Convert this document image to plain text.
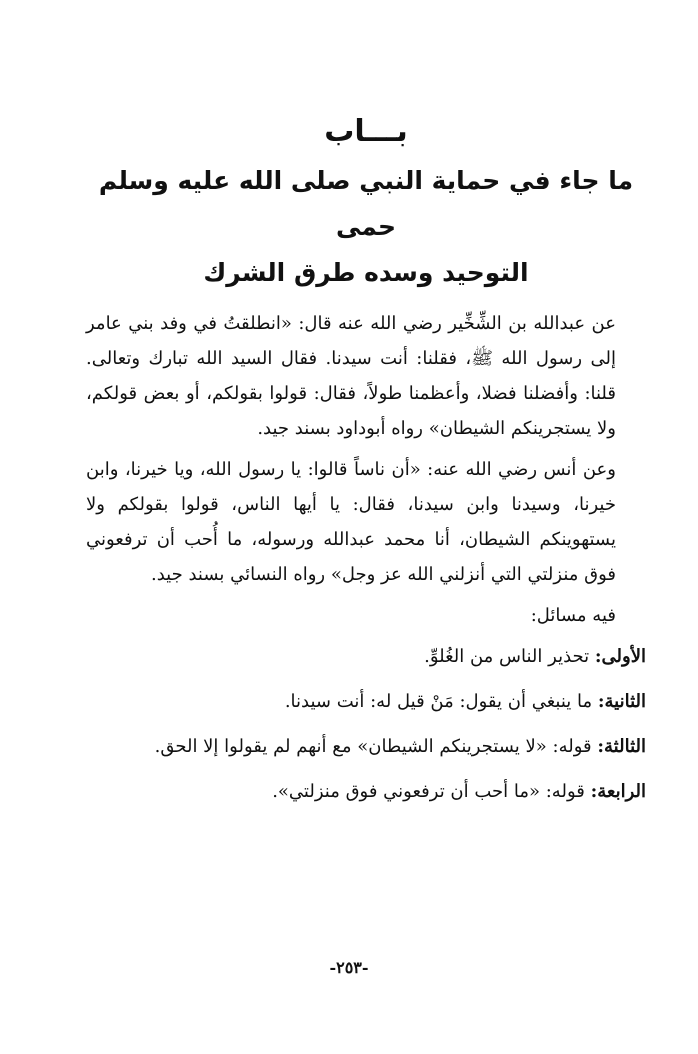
بـــاب
ما جاء في حماية النبي صلى الله عليه وسلم حمى
التوحيد وسده طرق الشرك

عن عبدالله بن الشِّخِّير رضي الله عنه قال: «انطلقتُ في وفد بني عامر إلى رسول الله ﷺ، فقلنا: أنت سيدنا. فقال السيد الله تبارك وتعالى. قلنا: وأفضلنا فضلا، وأعظمنا طولاً، فقال: قولوا بقولكم، أو بعض قولكم، ولا يستجرينكم الشيطان» رواه أبوداود بسند جيد.

وعن أنس رضي الله عنه: «أن ناساً قالوا: يا رسول الله، ويا خيرنا، وابن خيرنا، وسيدنا وابن سيدنا، فقال: يا أيها الناس، قولوا بقولكم ولا يستهوينكم الشيطان، أنا محمد عبدالله ورسوله، ما أُحب أن ترفعوني فوق منزلتي التي أنزلني الله عز وجل» رواه النسائي بسند جيد.

فيه مسائل:

الأولى: تحذير الناس من الغُلوِّ.

الثانية: ما ينبغي أن يقول: مَنْ قيل له: أنت سيدنا.

الثالثة: قوله: «لا يستجرينكم الشيطان» مع أنهم لم يقولوا إلا الحق.

الرابعة: قوله: «ما أحب أن ترفعوني فوق منزلتي».

-٢٥٣-
